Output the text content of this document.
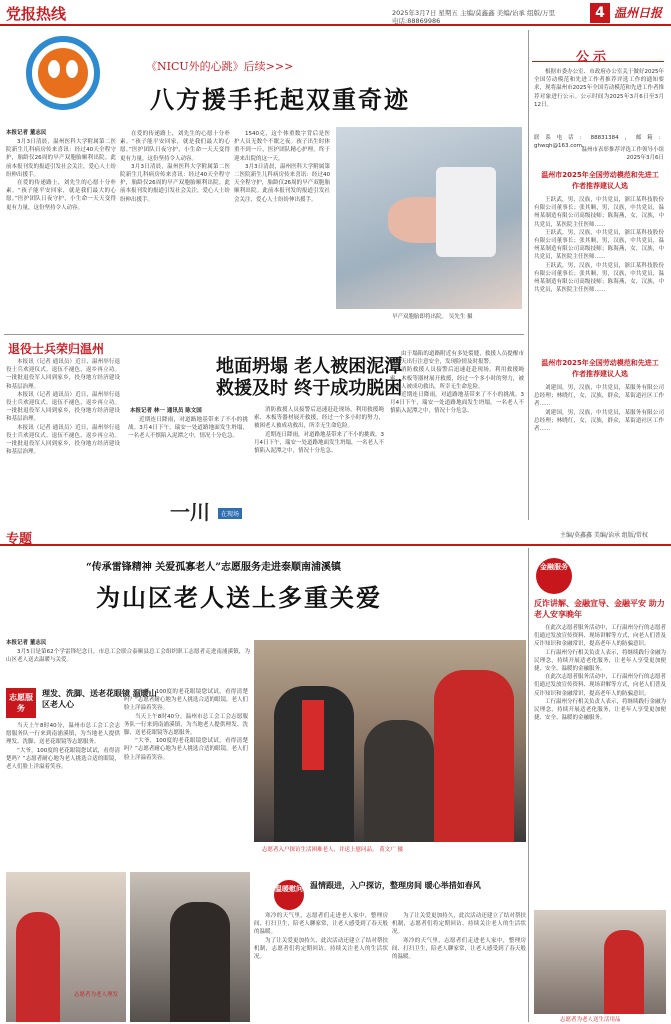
党报热线	2025年3月7日 星期五 主编/莫鑫鑫 美编/诒承 组版/万里
电话:88869986	4 温州日报
《NICU外的心跳》后续>>>
八方援手托起双重奇迹
本报记者 董志民

3月3日清晨，温州医科大学附属第二医院新生儿科病房传来喜讯：经过40天全程守护，胎龄仅26周的早产双胞胎顺利出院。此前本报刊发的报道引发社会关注，爱心人士纷纷伸出援手。

在爱的传递路上，刘先生的心愿十分朴素。“孩子能平安回家，就是我们最大的心愿。”医护团队日夜守护，小生命一天天变得更有力量，这份坚持令人动容。

在爱的传递路上，刘先生的心愿十分朴素。“孩子能平安回家，就是我们最大的心愿。”医护团队日夜守护，小生命一天天变得更有力量，这份坚持令人动容。

3月3日清晨，温州医科大学附属第二医院新生儿科病房传来喜讯：经过40天全程守护，胎龄仅26周的早产双胞胎顺利出院。此前本报刊发的报道引发社会关注，爱心人士纷纷伸出援手。

1540克，这个体重数字背后是医护人员无数个不眠之夜。孩子出生时体重不到一斤，医护团队精心护理，终于迎来出院的这一天。

3月3日清晨，温州医科大学附属第二医院新生儿科病房传来喜讯：经过40天全程守护，胎龄仅26周的早产双胞胎顺利出院。此前本报刊发的报道引发社会关注，爱心人士纷纷伸出援手。

早产双胞胎即将出院。 吴先生 摄
公示

根据市委办公室、市政府办公室关于做好2025年全国劳动模范和先进工作者推荐评选工作的通知要求，现将温州市2025年全国劳动模范和先进工作者推荐对象进行公示。公示时间为2025年3月6日至3月12日。

联系电话：88831384，邮箱：ghwqh@163.com。
温州市表彰推荐评选工作领导小组
2025年3月6日
温州市2025年全国劳动模范和先进工作者推荐建议人选

王跃武，男，汉族，中共党员，浙江某科技股份有限公司董事长；张其顺，男，汉族，中共党员，温州某制造有限公司高级技师；陈海燕，女，汉族，中共党员，某医院主任医师……

王跃武，男，汉族，中共党员，浙江某科技股份有限公司董事长；张其顺，男，汉族，中共党员，温州某制造有限公司高级技师；陈海燕，女，汉族，中共党员，某医院主任医师……

王跃武，男，汉族，中共党员，浙江某科技股份有限公司董事长；张其顺，男，汉族，中共党员，温州某制造有限公司高级技师；陈海燕，女，汉族，中共党员，某医院主任医师……

温州市2025年全国劳动模范和先进工作者推荐建议人选

刘建国，男，汉族，中共党员，某服务有限公司总经理；林晓红，女，汉族，群众，某街道社区工作者……

刘建国，男，汉族，中共党员，某服务有限公司总经理；林晓红，女，汉族，群众，某街道社区工作者……

退役士兵荣归温州

本报讯（记者 通讯员）近日，温州举行退役士兵欢迎仪式。退伍不褪色，返乡再立功。一批批退役军人回到家乡，投身地方经济建设和基层治理。

本报讯（记者 通讯员）近日，温州举行退役士兵欢迎仪式。退伍不褪色，返乡再立功。一批批退役军人回到家乡，投身地方经济建设和基层治理。

本报讯（记者 通讯员）近日，温州举行退役士兵欢迎仪式。退伍不褪色，返乡再立功。一批批退役军人回到家乡，投身地方经济建设和基层治理。

地面坍塌 老人被困泥潭
救援及时 终于成功脱困
本报记者 林一 通讯员 陈文国

近期连日降雨，对道路地基带来了不小的挑战。3月4日下午，瑞安一处道路地面发生坍塌，一名老人不慎陷入泥潭之中，情况十分危急。

一川	在现场

消防救援人员接警后迅速赶赴现场，利用救援绳索、木板等器材展开救援，经过一个多小时的努力，被困老人被成功救出，所幸无生命危险。

近期连日降雨，对道路地基带来了不小的挑战。3月4日下午，瑞安一处道路地面发生坍塌，一名老人不慎陷入泥潭之中，情况十分危急。

由于塌陷的道路附近有多处裂缝，救援人员提醒市民雨天出行注意安全，发现险情及时报警。

消防救援人员接警后迅速赶赴现场，利用救援绳索、木板等器材展开救援，经过一个多小时的努力，被困老人被成功救出，所幸无生命危险。

近期连日降雨，对道路地基带来了不小的挑战。3月4日下午，瑞安一处道路地面发生坍塌，一名老人不慎陷入泥潭之中，情况十分危急。

专题	主编/莫鑫鑫 美编/诒承 组版/常权
“传承雷锋精神 关爱孤寡老人”志愿服务走进泰顺南浦溪镇
为山区老人送上多重关爱
本报记者 董志民

3月5日是第62个学雷锋纪念日，市总工会联合泰顺县总工会组织职工志愿者走进南浦溪镇，为山区老人送去温暖与关爱。

志愿服务
理发、洗脚、送老花眼镜 温暖山区老人心

当天上午8时40分，温州市总工会工会志愿服务队一行来到南浦溪镇，为当地老人提供理发、洗脚、送老花眼镜等志愿服务。

“大爷，100度的老花眼镜您试试，看得清楚吗？”志愿者耐心地为老人挑选合适的眼镜，老人们脸上洋溢着笑容。

“大爷，100度的老花眼镜您试试，看得清楚吗？”志愿者耐心地为老人挑选合适的眼镜，老人们脸上洋溢着笑容。

当天上午8时40分，温州市总工会工会志愿服务队一行来到南浦溪镇，为当地老人提供理发、洗脚、送老花眼镜等志愿服务。

“大爷，100度的老花眼镜您试试，看得清楚吗？”志愿者耐心地为老人挑选合适的眼镜，老人们脸上洋溢着笑容。

志愿者入户探访生活困难老人，并送上慰问品。 黄文广 摄
温暖慰问 温情跟进，入户探访，整理房间 暖心举措如春风

寒冷的天气里，志愿者们走进老人家中，整理房间、打扫卫生，陪老人聊家常，让老人感受到了春天般的温暖。

为了让关爱更加持久，此次活动还建立了结对帮扶机制，志愿者们将定期回访，持续关注老人的生活状况。

为了让关爱更加持久，此次活动还建立了结对帮扶机制，志愿者们将定期回访，持续关注老人的生活状况。

寒冷的天气里，志愿者们走进老人家中，整理房间、打扫卫生，陪老人聊家常，让老人感受到了春天般的温暖。

志愿者为老人理发
金融服务
反诈讲解、金融宣导、金融平安 助力老人安享晚年

在此次志愿者服务活动中，工行温州分行的志愿者们通过发放宣传资料、现场讲解等方式，向老人们普及反诈知识和金融常识，提高老年人的防骗意识。

工行温州分行相关负责人表示，将继续践行金融为民理念，持续开展适老化服务，让老年人享受更加便捷、安全、温暖的金融服务。

在此次志愿者服务活动中，工行温州分行的志愿者们通过发放宣传资料、现场讲解等方式，向老人们普及反诈知识和金融常识，提高老年人的防骗意识。

工行温州分行相关负责人表示，将继续践行金融为民理念，持续开展适老化服务，让老年人享受更加便捷、安全、温暖的金融服务。

志愿者为老人送生活用品
